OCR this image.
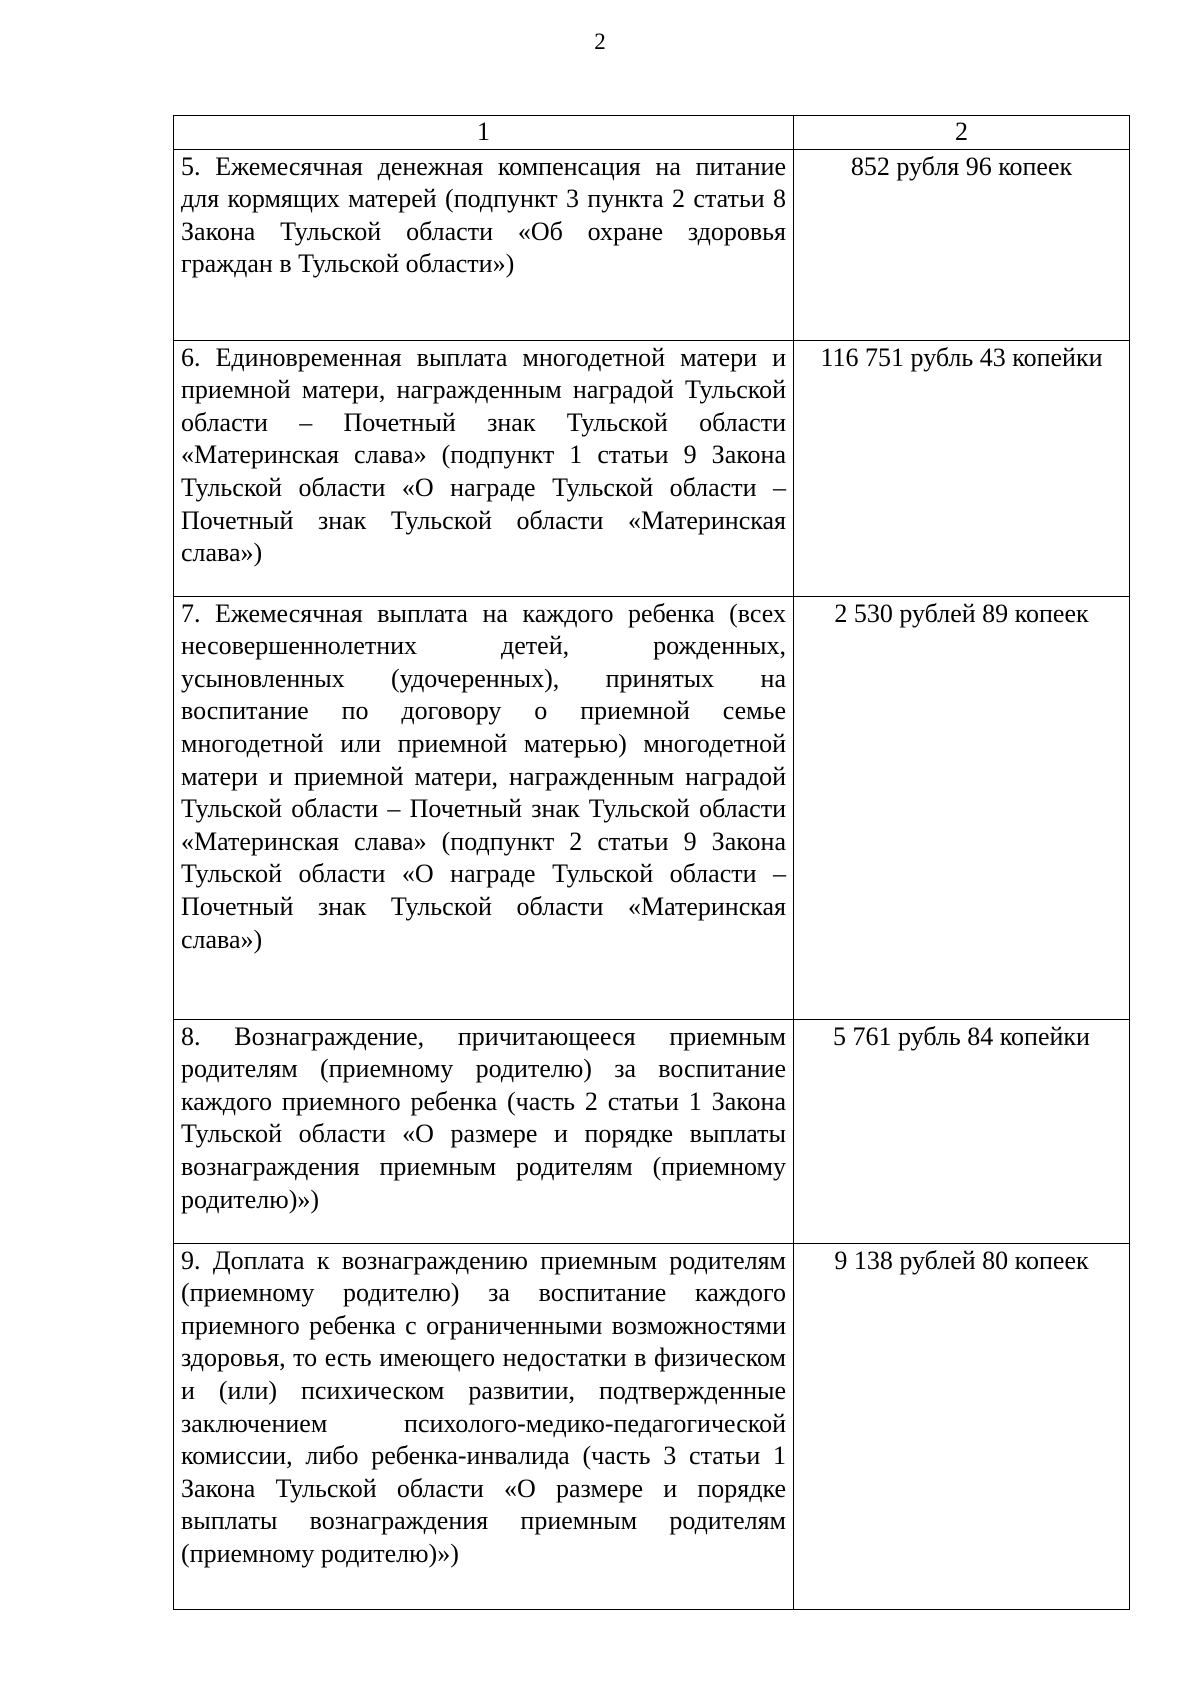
2
1	2
5. Ежемесячная денежная компенсация на питание для кормящих матерей (подпункт 3 пункта 2 статьи 8 Закона Тульской области «Об охране здоровья граждан в Тульской области»)	852 рубля 96 копеек
6. Единовременная выплата многодетной матери и приемной матери, награжденным наградой Тульской области – Почетный знак Тульской области «Материнская слава» (подпункт 1 статьи 9 Закона Тульской области «О награде Тульской области – Почетный знак Тульской области «Материнская слава»)	116 751 рубль 43 копейки
7. Ежемесячная выплата на каждого ребенка (всех несовершеннолетних детей, рожденных, усыновленных (удочеренных), принятых на воспитание по договору о приемной семье многодетной или приемной матерью) многодетной матери и приемной матери, награжденным наградой Тульской области – Почетный знак Тульской области «Материнская слава» (подпункт 2 статьи 9 Закона Тульской области «О награде Тульской области – Почетный знак Тульской области «Материнская слава»)	2 530 рублей 89 копеек
8. Вознаграждение, причитающееся приемным родителям (приемному родителю) за воспитание каждого приемного ребенка (часть 2 статьи 1 Закона Тульской области «О размере и порядке выплаты вознаграждения приемным родителям (приемному родителю)»)	5 761 рубль 84 копейки
9. Доплата к вознаграждению приемным родителям (приемному родителю) за воспитание каждого приемного ребенка с ограниченными возможностями здоровья, то есть имеющего недостатки в физическом и (или) психическом развитии, подтвержденные заключением психолого-медико-педагогической комиссии, либо ребенка-инвалида (часть 3 статьи 1 Закона Тульской области «О размере и порядке выплаты вознаграждения приемным родителям (приемному родителю)»)	9 138 рублей 80 копеек
